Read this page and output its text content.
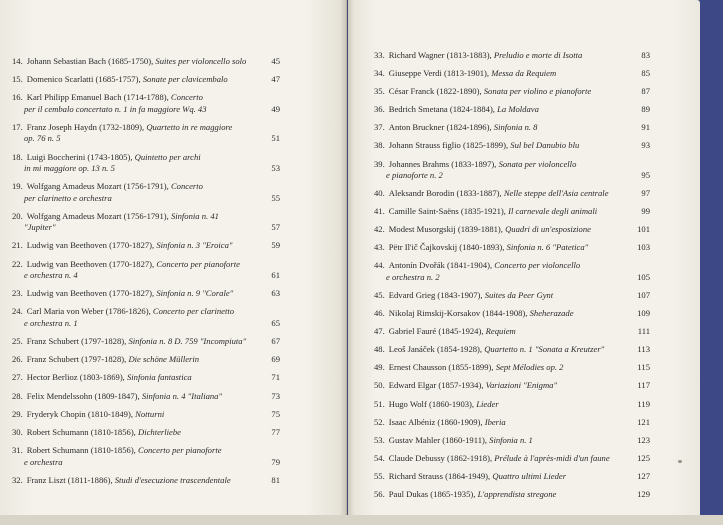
14. Johann Sebastian Bach (1685-1750), Suites per violoncello solo	45
15. Domenico Scarlatti (1685-1757), Sonate per clavicembalo	47
16. Karl Philipp Emanuel Bach (1714-1788), Concerto
per il cembalo concertato n. 1 in fa maggiore Wq. 43	49
17. Franz Joseph Haydn (1732-1809), Quartetto in re maggiore
op. 76 n. 5	51
18. Luigi Boccherini (1743-1805), Quintetto per archi
in mi maggiore op. 13 n. 5	53
19. Wolfgang Amadeus Mozart (1756-1791), Concerto
per clarinetto e orchestra	55
20. Wolfgang Amadeus Mozart (1756-1791), Sinfonia n. 41
"Jupiter"	57
21. Ludwig van Beethoven (1770-1827), Sinfonia n. 3 "Eroica"	59
22. Ludwig van Beethoven (1770-1827), Concerto per pianoforte
e orchestra n. 4	61
23. Ludwig van Beethoven (1770-1827), Sinfonia n. 9 "Corale"	63
24. Carl Maria von Weber (1786-1826), Concerto per clarinetto
e orchestra n. 1	65
25. Franz Schubert (1797-1828), Sinfonia n. 8 D. 759 "Incompiuta"	67
26. Franz Schubert (1797-1828), Die schöne Müllerin	69
27. Hector Berlioz (1803-1869), Sinfonia fantastica	71
28. Felix Mendelssohn (1809-1847), Sinfonia n. 4 "Italiana"	73
29. Fryderyk Chopin (1810-1849), Notturni	75
30. Robert Schumann (1810-1856), Dichterliebe	77
31. Robert Schumann (1810-1856), Concerto per pianoforte
e orchestra	79
32. Franz Liszt (1811-1886), Studi d'esecuzione trascendentale	81
33. Richard Wagner (1813-1883), Preludio e morte di Isotta	83
34. Giuseppe Verdi (1813-1901), Messa da Requiem	85
35. César Franck (1822-1890), Sonata per violino e pianoforte	87
36. Bedrich Smetana (1824-1884), La Moldava	89
37. Anton Bruckner (1824-1896), Sinfonia n. 8	91
38. Johann Strauss figlio (1825-1899), Sul bel Danubio blu	93
39. Johannes Brahms (1833-1897), Sonata per violoncello
e pianoforte n. 2	95
40. Aleksandr Borodin (1833-1887), Nelle steppe dell'Asia centrale	97
41. Camille Saint-Saëns (1835-1921), Il carnevale degli animali	99
42. Modest Musorgskij (1839-1881), Quadri di un'esposizione	101
43. Pëtr Il'ič Čajkovskij (1840-1893), Sinfonia n. 6 "Patetica"	103
44. Antonín Dvořák (1841-1904), Concerto per violoncello
e orchestra n. 2	105
45. Edvard Grieg (1843-1907), Suites da Peer Gynt	107
46. Nikolaj Rimskij-Korsakov (1844-1908), Sheherazade	109
47. Gabriel Fauré (1845-1924), Requiem	111
48. Leoš Janáček (1854-1928), Quartetto n. 1 "Sonata a Kreutzer"	113
49. Ernest Chausson (1855-1899), Sept Mélodies op. 2	115
50. Edward Elgar (1857-1934), Variazioni "Enigma"	117
51. Hugo Wolf (1860-1903), Lieder	119
52. Isaac Albéniz (1860-1909), Iberia	121
53. Gustav Mahler (1860-1911), Sinfonia n. 1	123
54. Claude Debussy (1862-1918), Prélude à l'après-midi d'un faune	125
55. Richard Strauss (1864-1949), Quattro ultimi Lieder	127
56. Paul Dukas (1865-1935), L'apprendista stregone	129
